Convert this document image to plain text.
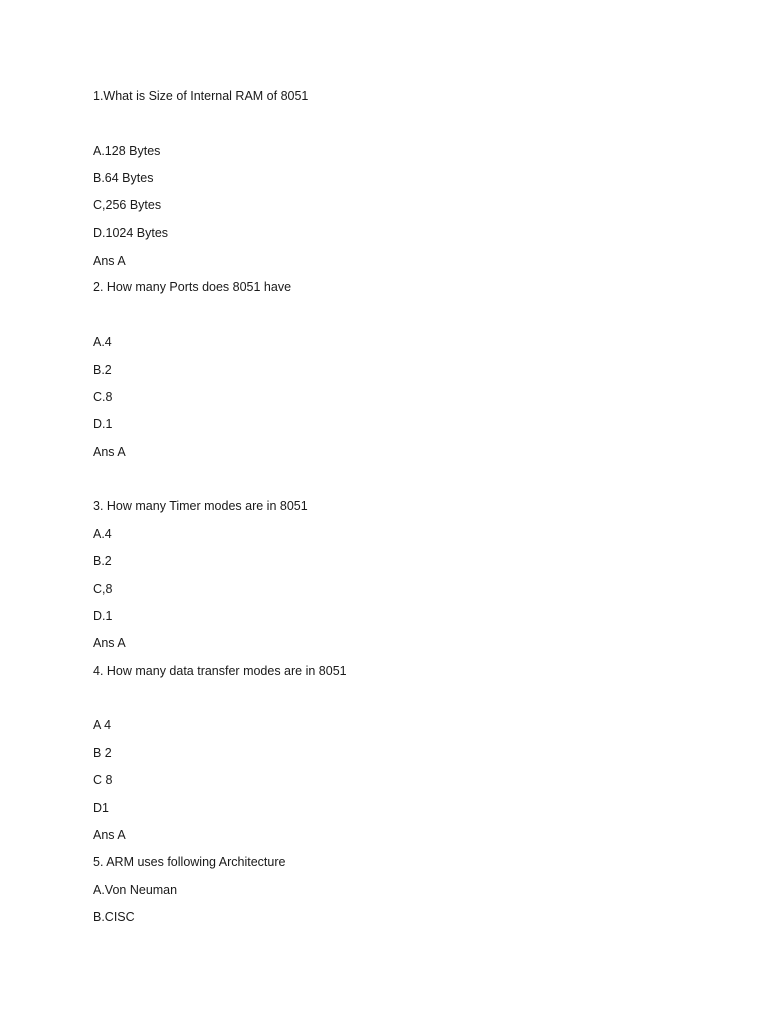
1.What is Size of Internal RAM of 8051

A.128 Bytes

B.64 Bytes

C,256 Bytes

D.1024 Bytes

Ans A

2. How many Ports does 8051 have

A.4

B.2

C.8

D.1

Ans A

3. How many Timer modes are in 8051

A.4

B.2

C,8

D.1

Ans A

4. How many data transfer modes are in 8051

A 4

B 2

C 8

D1

Ans A

5. ARM uses following Architecture

A.Von Neuman

B.CISC
